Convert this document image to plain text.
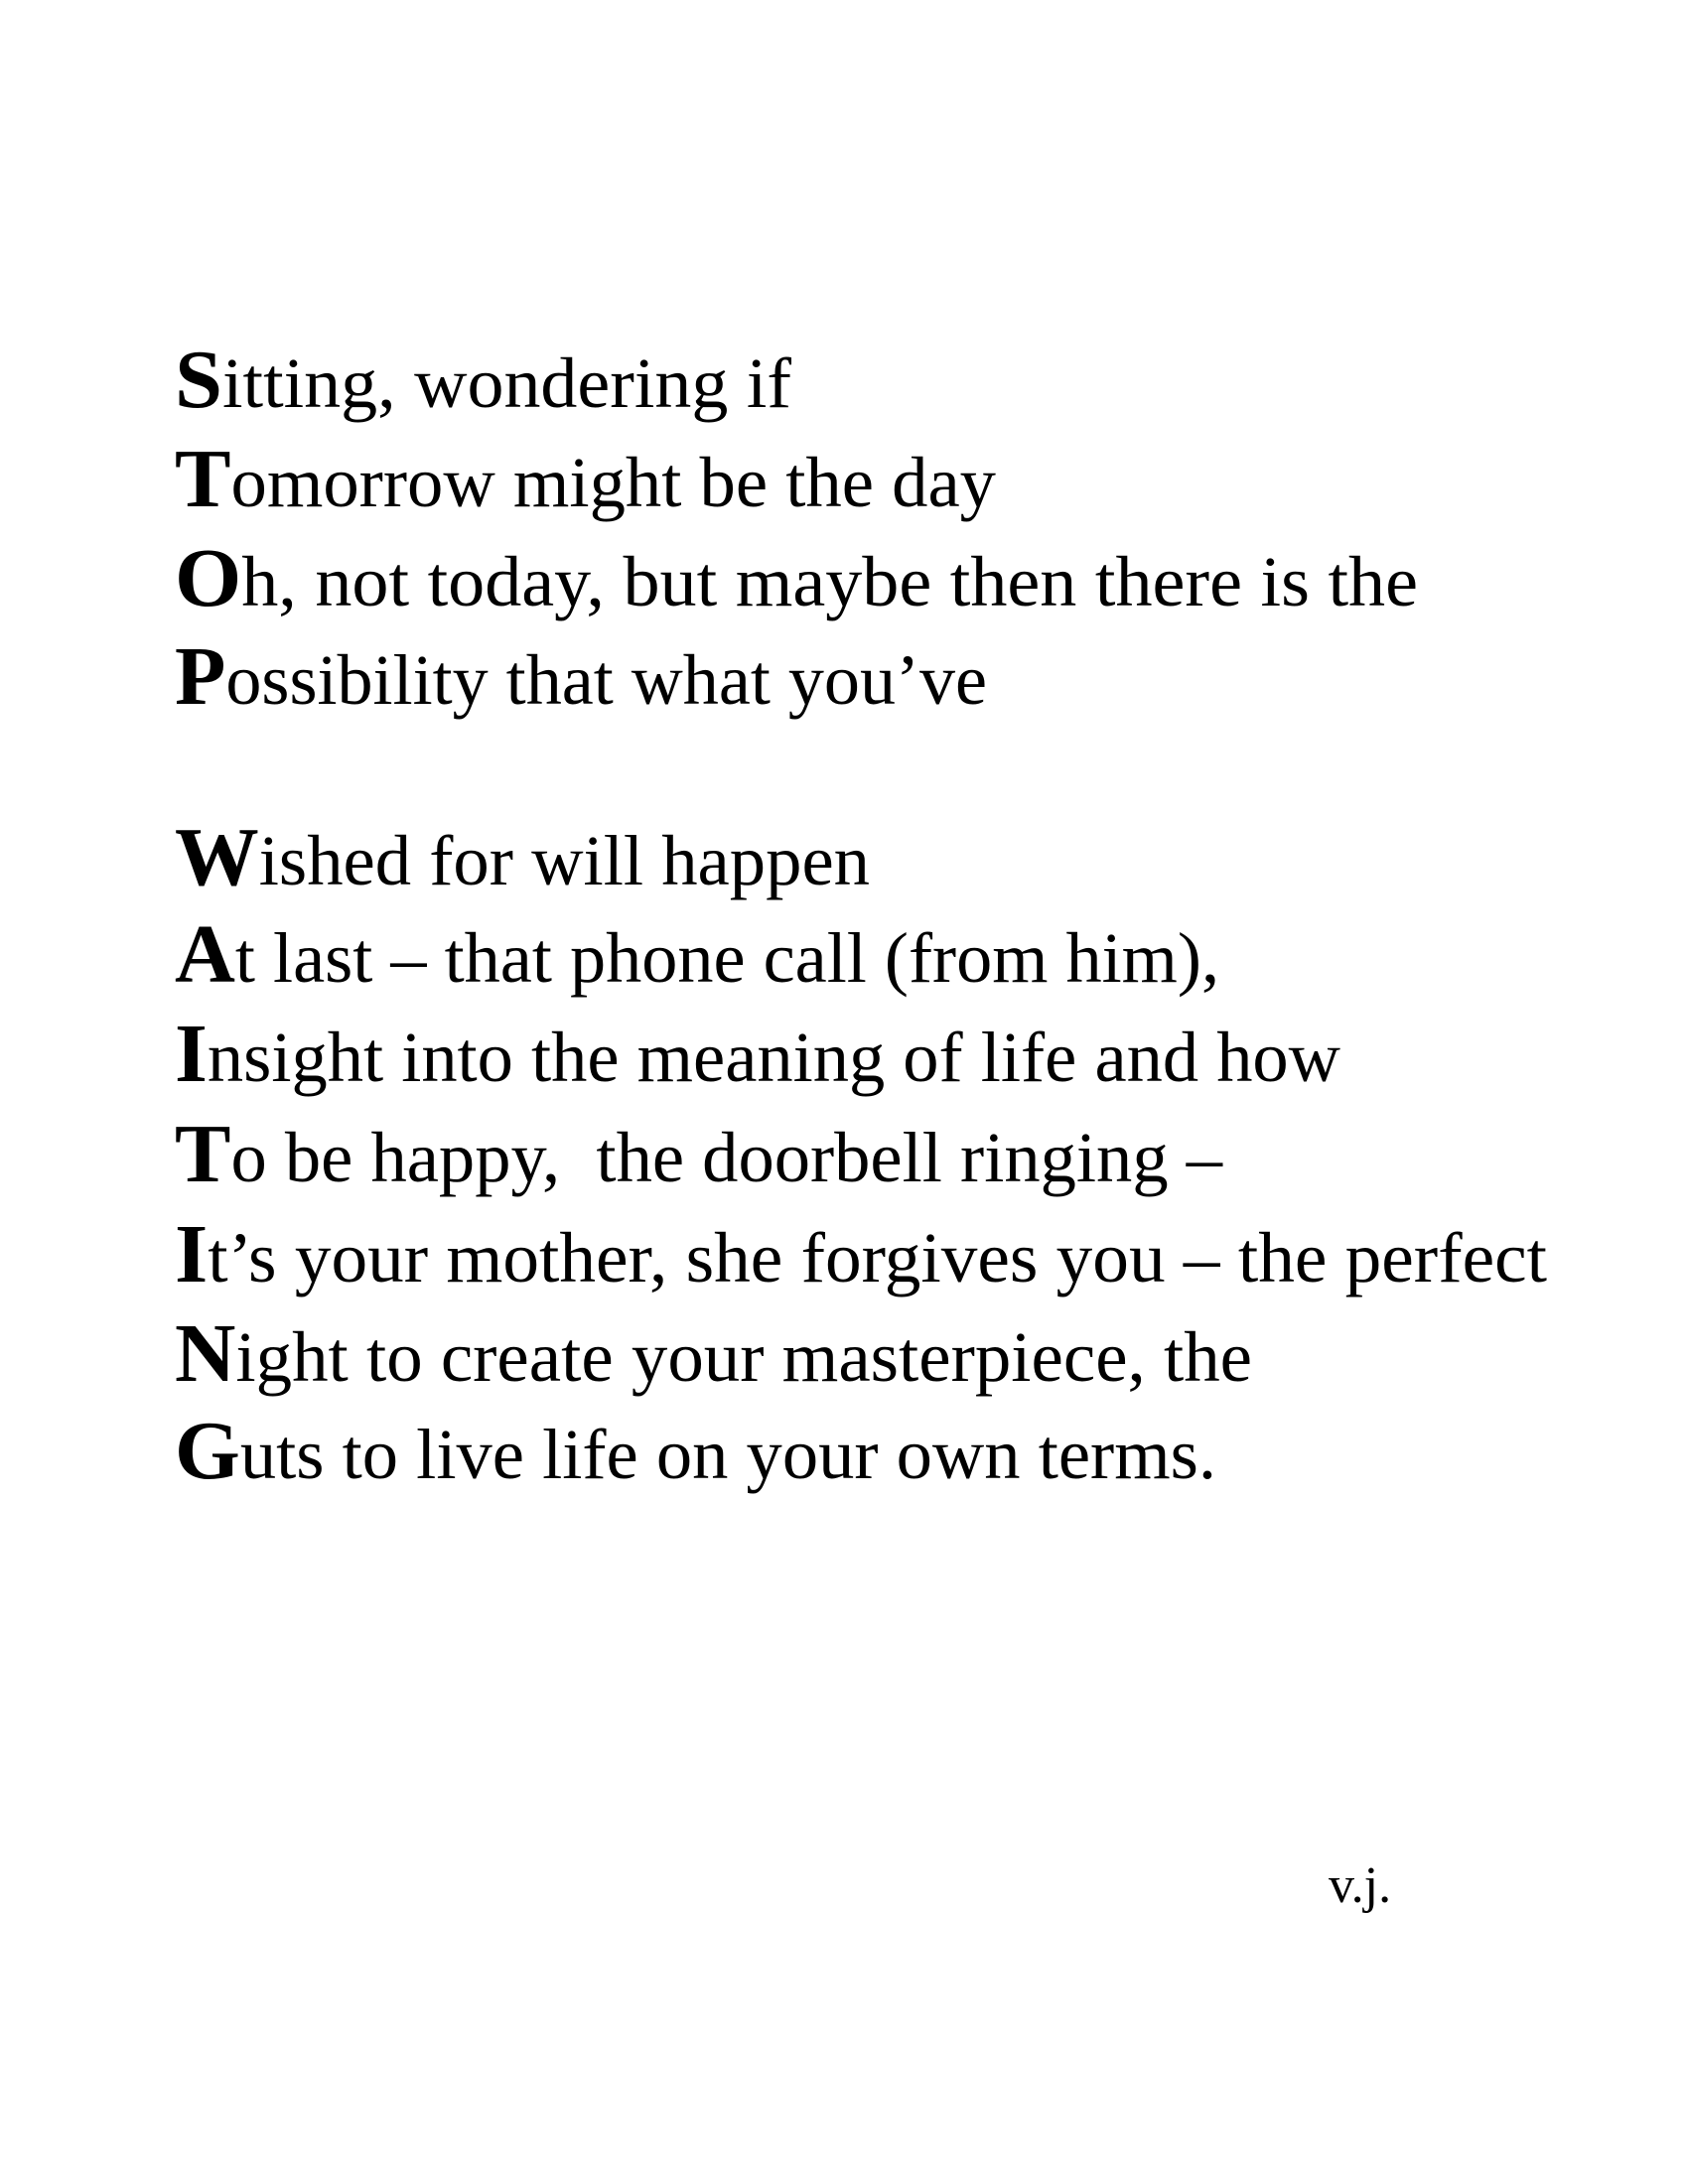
Sitting, wondering if
Tomorrow might be the day
Oh, not today, but maybe then there is the
Possibility that what you’ve
Wished for will happen
At last – that phone call (from him),
Insight into the meaning of life and how
To be happy,  the doorbell ringing –
It’s your mother, she forgives you – the perfect
Night to create your masterpiece, the
Guts to live life on your own terms.
v.j.
